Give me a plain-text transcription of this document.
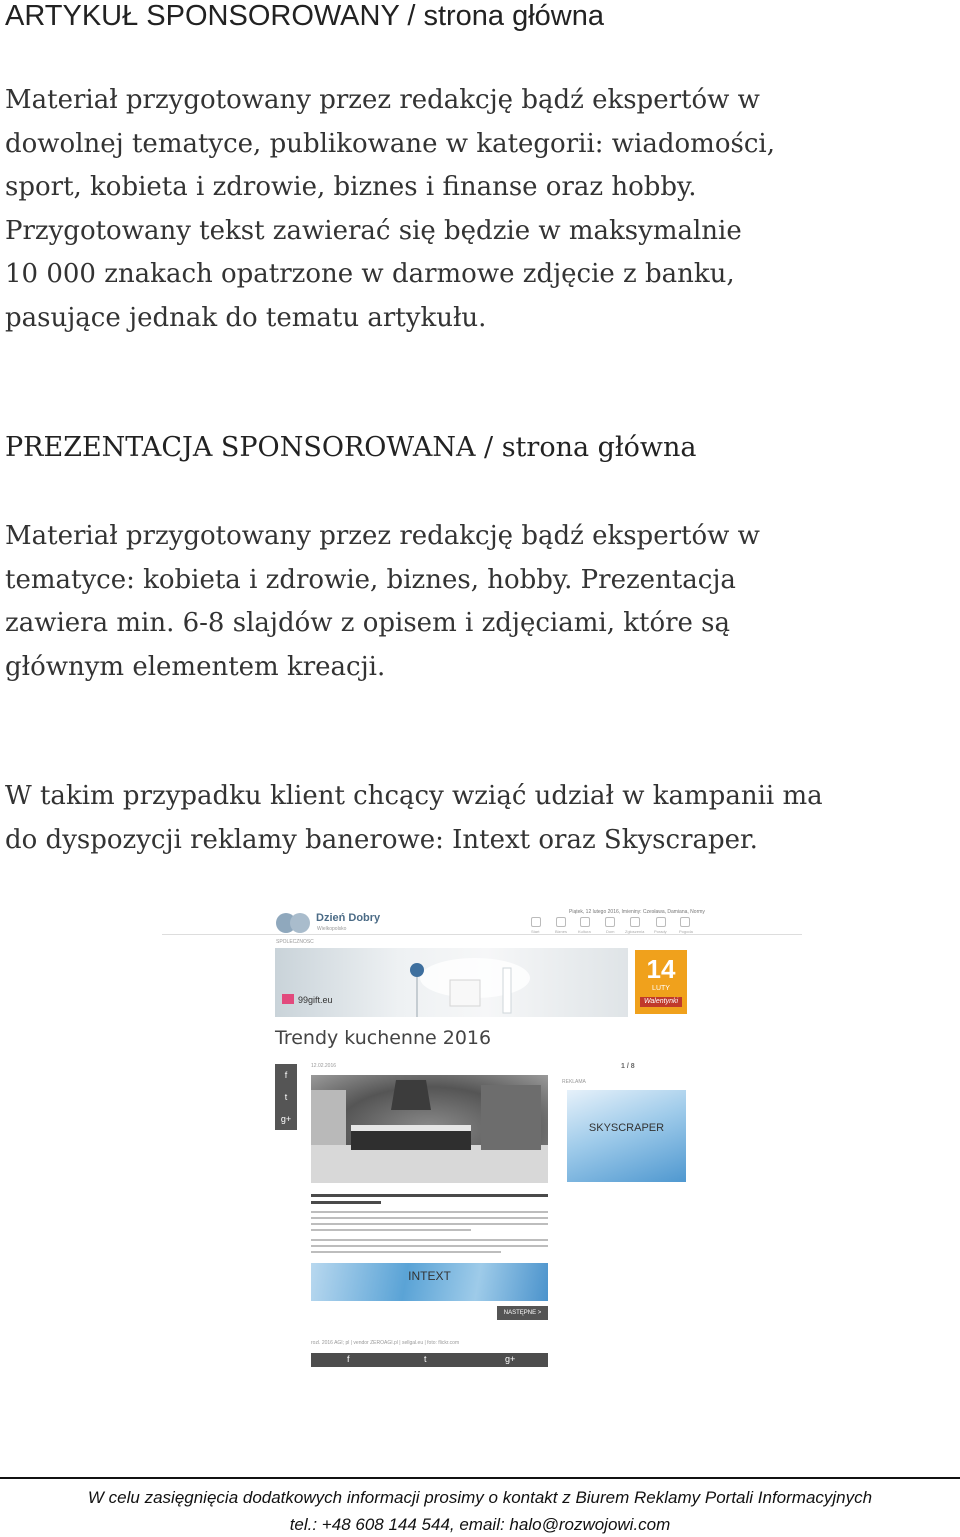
ARTYKUŁ SPONSOROWANY / strona główna
Materiał przygotowany przez redakcję bądź ekspertów w
dowolnej tematyce, publikowane w kategorii: wiadomości,
sport, kobieta i zdrowie, biznes i finanse oraz hobby.
Przygotowany tekst zawierać się będzie w maksymalnie
10 000 znakach opatrzone w darmowe zdjęcie z banku,
pasujące jednak do tematu artykułu.
PREZENTACJA SPONSOROWANA / strona główna
Materiał przygotowany przez redakcję bądź ekspertów w
tematyce: kobieta i zdrowie, biznes, hobby. Prezentacja
zawiera min. 6-8 slajdów z opisem i zdjęciami, które są
głównym elementem kreacji.
W takim przypadku klient chcący wziąć udział w kampanii ma
do dyspozycji reklamy banerowe: Intext oraz Skyscraper.
Dzień Dobry
Wielkopolsko
Piątek, 12 lutego 2016, Imieniny: Czesława, Damiana, Normy
Start	Biznes	Kultura	Dom	Zgłoszenia Porady	Pogoda
SPOLECZNOSC
99gift.eu
14
LUTY
Walentynki
Trendy kuchenne 2016
12.02.2016	1 / 8
f
t
g+
REKLAMA
SKYSCRAPER
INTEXT
NASTĘPNE >
rozl. 2016 AGI; pl | vendor ZEROAGI.pl | sellgal.eu | foto: flickr.com
f	t	g+
W celu zasięgnięcia dodatkowych informacji prosimy o kontakt z Biurem Reklamy Portali Informacyjnych
tel.: +48 608 144 544, email: halo@rozwojowi.com
